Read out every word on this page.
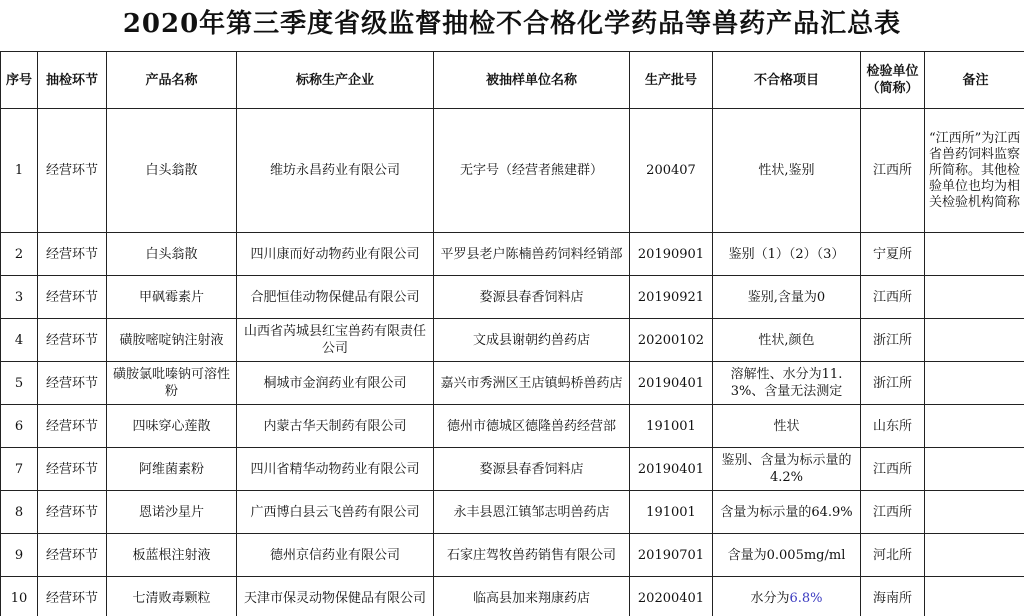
2020年第三季度省级监督抽检不合格化学药品等兽药产品汇总表
序号	抽检环节	产品名称	标称生产企业	被抽样单位名称	生产批号	不合格项目	检验单位（简称）	备注
1	经营环节	白头翁散	维坊永昌药业有限公司	无字号（经营者熊建群）	200407	性状,鉴别	江西所	“江西所”为江西省兽药饲料监察所简称。其他检验单位也均为相关检验机构简称
2	经营环节	白头翁散	四川康而好动物药业有限公司	平罗县老户陈楠兽药饲料经销部	20190901	鉴别（1）（2）（3）	宁夏所	
3	经营环节	甲砜霉素片	合肥恒佳动物保健品有限公司	婺源县春香饲料店	20190921	鉴别,含量为0	江西所	
4	经营环节	磺胺嘧啶钠注射液	山西省芮城县红宝兽药有限责任公司	文成县谢朝约兽药店	20200102	性状,颜色	浙江所	
5	经营环节	磺胺氯吡嗪钠可溶性粉	桐城市金润药业有限公司	嘉兴市秀洲区王店镇蚂桥兽药店	20190401	溶解性、水分为11.3%、含量无法测定	浙江所	
6	经营环节	四味穿心莲散	内蒙古华天制药有限公司	德州市德城区德隆兽药经营部	191001	性状	山东所	
7	经营环节	阿维菌素粉	四川省精华动物药业有限公司	婺源县春香饲料店	20190401	鉴别、含量为标示量的4.2%	江西所	
8	经营环节	恩诺沙星片	广西博白县云飞兽药有限公司	永丰县恩江镇邹志明兽药店	191001	含量为标示量的64.9%	江西所	
9	经营环节	板蓝根注射液	德州京信药业有限公司	石家庄驾牧兽药销售有限公司	20190701	含量为0.005mg/ml	河北所	
10	经营环节	七清败毒颗粒	天津市保灵动物保健品有限公司	临高县加来翔康药店	20200401	水分为6.8%	海南所	
